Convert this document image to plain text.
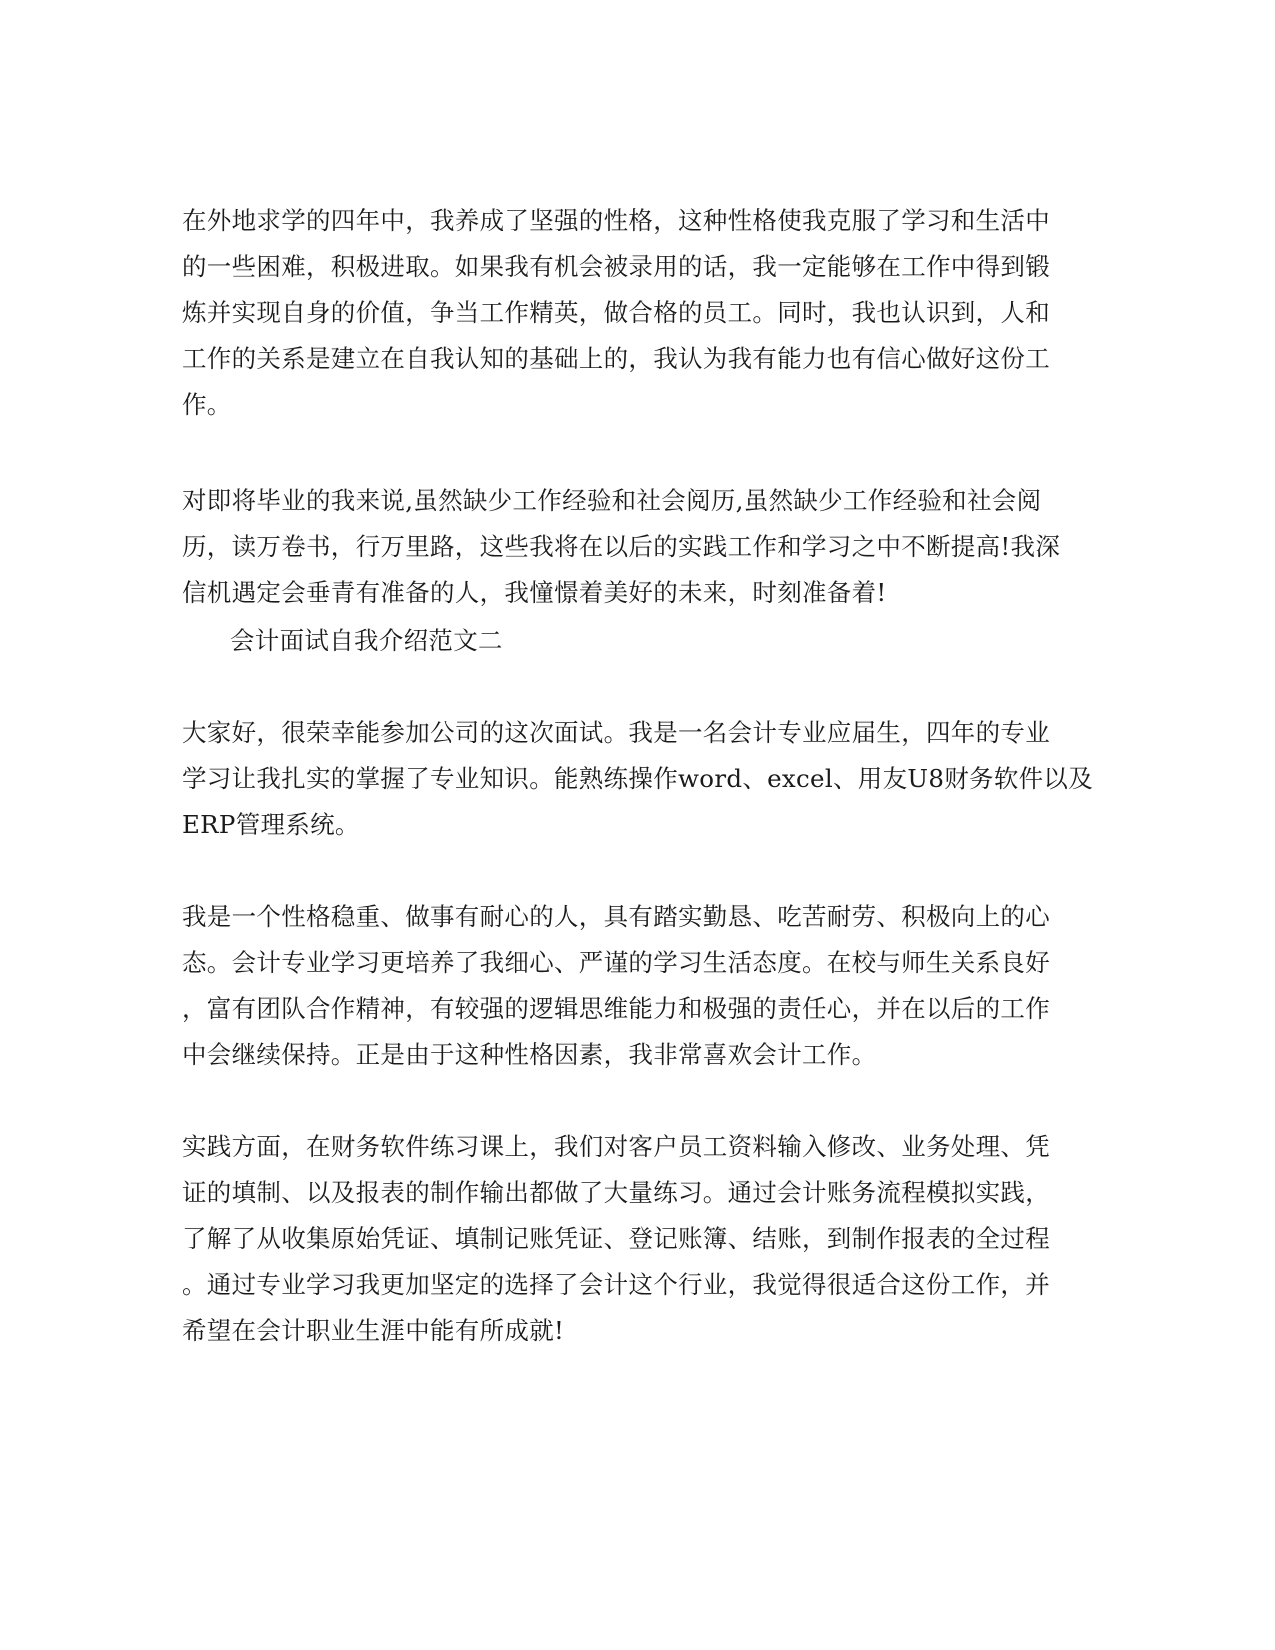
在外地求学的四年中，我养成了坚强的性格，这种性格使我克服了学习和生活中
的一些困难，积极进取。如果我有机会被录用的话，我一定能够在工作中得到锻
炼并实现自身的价值，争当工作精英，做合格的员工。同时，我也认识到，人和
工作的关系是建立在自我认知的基础上的，我认为我有能力也有信心做好这份工
作。

对即将毕业的我来说,虽然缺少工作经验和社会阅历,虽然缺少工作经验和社会阅
历，读万卷书，行万里路，这些我将在以后的实践工作和学习之中不断提高!我深
信机遇定会垂青有准备的人，我憧憬着美好的未来，时刻准备着!

会计面试自我介绍范文二

大家好，很荣幸能参加公司的这次面试。我是一名会计专业应届生，四年的专业
学习让我扎实的掌握了专业知识。能熟练操作word、excel、用友U8财务软件以及
ERP管理系统。

我是一个性格稳重、做事有耐心的人，具有踏实勤恳、吃苦耐劳、积极向上的心
态。会计专业学习更培养了我细心、严谨的学习生活态度。在校与师生关系良好
，富有团队合作精神，有较强的逻辑思维能力和极强的责任心，并在以后的工作
中会继续保持。正是由于这种性格因素，我非常喜欢会计工作。

实践方面，在财务软件练习课上，我们对客户员工资料输入修改、业务处理、凭
证的填制、以及报表的制作输出都做了大量练习。通过会计账务流程模拟实践，
了解了从收集原始凭证、填制记账凭证、登记账簿、结账，到制作报表的全过程
。通过专业学习我更加坚定的选择了会计这个行业，我觉得很适合这份工作，并
希望在会计职业生涯中能有所成就!
